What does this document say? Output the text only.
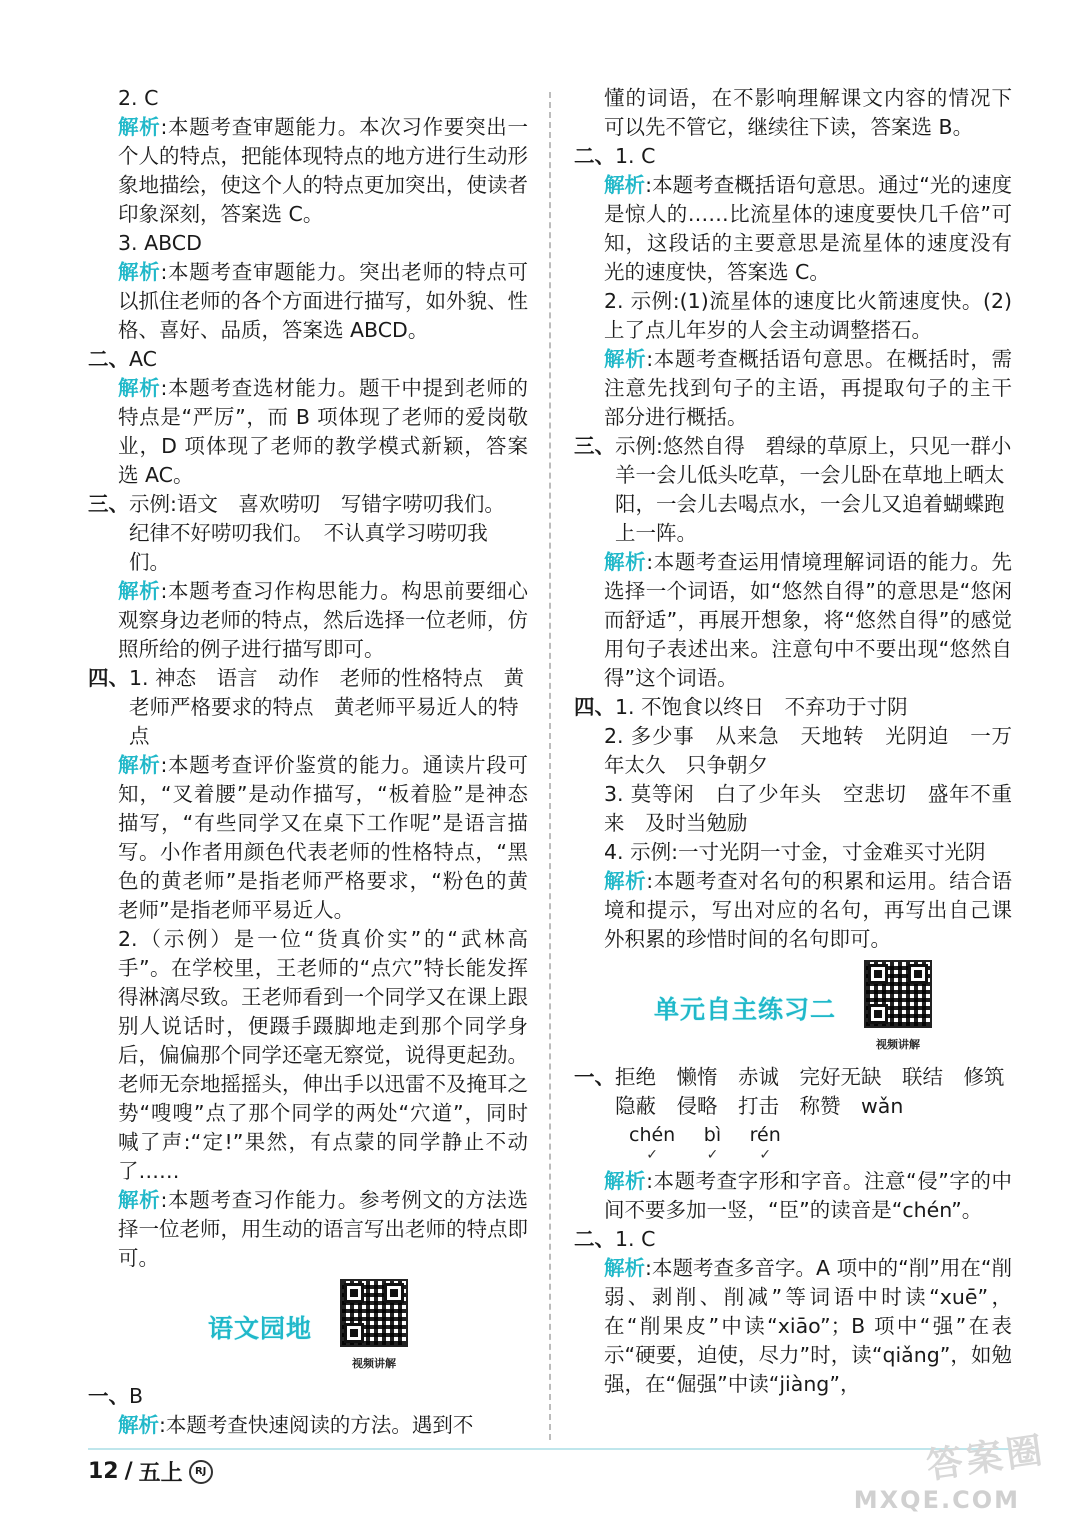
2. C

解析:本题考查审题能力。本次习作要突出一个人的特点，把能体现特点的地方进行生动形象地描绘，使这个人的特点更加突出，使读者印象深刻，答案选 C。

3. ABCD

解析:本题考查审题能力。突出老师的特点可以抓住老师的各个方面进行描写，如外貌、性格、喜好、品质，答案选 ABCD。

二、 AC

解析:本题考查选材能力。题干中提到老师的特点是“严厉”，而 B 项体现了老师的爱岗敬业，D 项体现了老师的教学模式新颖，答案选 AC。

三、 示例:语文　喜欢唠叨　写错字唠叨我们。　纪律不好唠叨我们。　不认真学习唠叨我们。

解析:本题考查习作构思能力。构思前要细心观察身边老师的特点，然后选择一位老师，仿照所给的例子进行描写即可。

四、 1. 神态　语言　动作　老师的性格特点　黄老师严格要求的特点　黄老师平易近人的特点

解析:本题考查评价鉴赏的能力。通读片段可知，“叉着腰”是动作描写，“板着脸”是神态描写，“有些同学又在桌下工作呢”是语言描写。小作者用颜色代表老师的性格特点，“黑色的黄老师”是指老师严格要求，“粉色的黄老师”是指老师平易近人。

2.（示例）是一位“货真价实”的“武林高手”。在学校里，王老师的“点穴”特长能发挥得淋漓尽致。王老师看到一个同学又在课上跟别人说话时，便蹑手蹑脚地走到那个同学身后，偏偏那个同学还毫无察觉，说得更起劲。老师无奈地摇摇头，伸出手以迅雷不及掩耳之势“嗖嗖”点了那个同学的两处“穴道”，同时喊了声:“定!”果然，有点蒙的同学静止不动了……

解析:本题考查习作能力。参考例文的方法选择一位老师，用生动的语言写出老师的特点即可。

语文园地
视频讲解
一、 B

解析:本题考查快速阅读的方法。遇到不

懂的词语，在不影响理解课文内容的情况下可以先不管它，继续往下读，答案选 B。

二、 1. C

解析:本题考查概括语句意思。通过“光的速度是惊人的……比流星体的速度要快几千倍”可知，这段话的主要意思是流星体的速度没有光的速度快，答案选 C。

2. 示例:(1)流星体的速度比火箭速度快。(2)上了点儿年岁的人会主动调整搭石。

解析:本题考查概括语句意思。在概括时，需注意先找到句子的主语，再提取句子的主干部分进行概括。

三、 示例:悠然自得　碧绿的草原上，只见一群小羊一会儿低头吃草，一会儿卧在草地上晒太阳，一会儿去喝点水，一会儿又追着蝴蝶跑上一阵。

解析:本题考查运用情境理解词语的能力。先选择一个词语，如“悠然自得”的意思是“悠闲而舒适”，再展开想象，将“悠然自得”的感觉用句子表述出来。注意句中不要出现“悠然自得”这个词语。

四、 1. 不饱食以终日　不弃功于寸阴

2. 多少事　从来急　天地转　光阴迫　一万年太久　只争朝夕

3. 莫等闲　白了少年头　空悲切　盛年不重来　及时当勉励

4. 示例:一寸光阴一寸金，寸金难买寸光阴

解析:本题考查对名句的积累和运用。结合语境和提示，写出对应的名句，再写出自己课外积累的珍惜时间的名句即可。

单元自主练习二
视频讲解
一、 拒绝　懒惰　赤诚　完好无缺　联结　修筑　隐蔽　侵略　打击　称赞　wǎn
chén
✓
bì
✓
rén
✓

解析:本题考查字形和字音。注意“侵”字的中间不要多加一竖，“臣”的读音是“chén”。

二、 1. C

解析:本题考查多音字。A 项中的“削”用在“削弱、剥削、削减”等词语中时读“xuē”，在“削果皮”中读“xiāo”；B 项中“强”在表示“硬要，迫使，尽力”时，读“qiǎng”，如勉强，在“倔强”中读“jiàng”，

12 / 五上	RJ	答案圈
MXQE.COM
